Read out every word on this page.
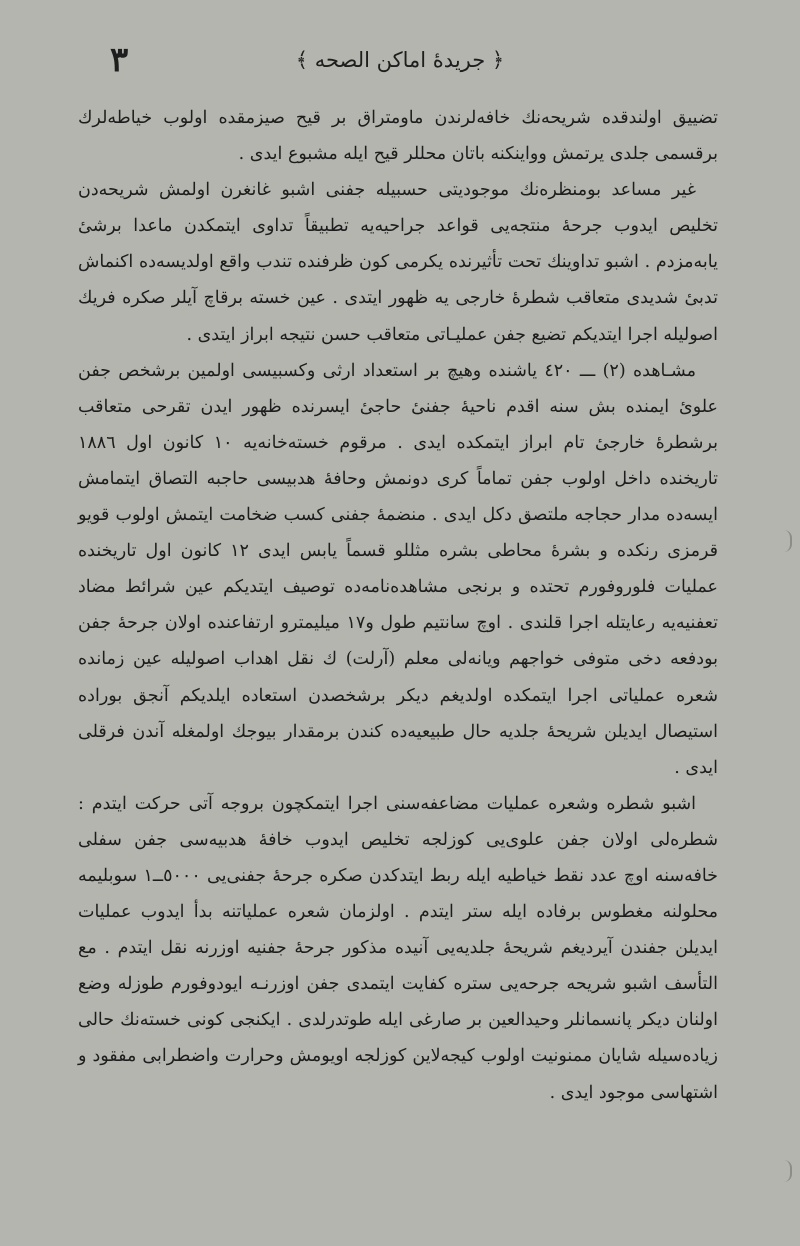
٣	﴿ جريدهٔ اماكن الصحه ﴾

تضييق اولندقده شريحه‌نك خافه‌لرندن ماومتراق بر قيح صيزمقده اولوب خياطه‌لرك برقسمی جلدی يرتمش وواينكنه باتان محللر قيح ايله مشبوع ايدی .

غير مساعد بومنظره‌نك موجوديتی حسبيله جفنی اشبو غانغرن اولمش شريحه‌دن تخليص ايدوب جرحهٔ منتجه‌يی قواعد جراحيه‌يه تطبيقاً تداوی ايتمكدن ماعدا برشیٔ يابه‌مزدم . اشبو تداوينك تحت تأثيرنده يكرمی كون ظرفنده تندب واقع اولديسه‌ده اكنماش تدبیٔ شديدی متعاقب شطرهٔ خارجی يه ظهور ايتدی . عين خسته برقاچ آيلر صكره فريك اصوليله اجرا ايتديكم تضيع جفن عمليـاتی متعاقب حسن نتيجه ابراز ايتدی .

مشـاهده (٢) ـــ ٤٢٠ ياشنده وهيچ بر استعداد ارثی وكسبيسی اولمين برشخص جفن علویٔ ايمنده‌ بش سنه اقدم ناحيهٔ جفنیٔ حاجیٔ ايسرنده ظهور ايدن تقرحی متعاقب برشطرهٔ خارجیٔ تام ابراز ايتمكده ايدی . مرقوم خسته‌خانه‌يه ١٠ كانون اول ١٨٨٦ تاريخنده داخل اولوب جفن تماماً كری دونمش وحافهٔ هدبيسی حاجبه التصاق ايتمامش ايسه‌ده مدار حجاجه ملتصق دكل ايدی . منضمهٔ جفنی كسب ضخامت ايتمش اولوب قويو قرمزی رنكده و بشرهٔ محاطی بشره مثللو قسماً يابس ايدی ١٢ كانون اول تاريخنده عمليات فلوروفورم تحتده و برنجی مشاهده‌نامه‌ده توصيف ايتديكم عين شرائط مضاد تعفنيه‌يه رعايتله اجرا قلندی . اوچ سانتيم طول و١٧ ميليمترو ارتفاعنده اولان جرحهٔ جفن بودفعه دخی متوفی خواجهم ويانه‌لی معلم (آرلت) ك نقل اهداب اصوليله عين زمانده شعره عملياتی اجرا ايتمكده اولديغم ديكر برشخصدن استعاده ايلديكم آنجق بوراده استيصال ايديلن شريحهٔ جلديه حال طبيعيه‌ده كندن برمقدار بيوجك اولمغله آندن فرقلی ايدی .

اشبو شطره وشعره عمليات مضاعفه‌سنی اجرا ايتمكچون بروجه آتی حركت ايتدم : شطره‌لی اولان جفن علوی‌يی كوزلجه تخليص ايدوب خافهٔ هدبيه‌سی جفن سفلی خافه‌سنه اوچ عدد نقط خياطيه ايله ربط ايتدكدن صكره جرحهٔ جفنی‌يی ٥٠٠٠ــ١ سوبليمه محلولنه مغطوس برفاده ايله ستر ايتدم . اولزمان شعره عملياتنه بدأ ايدوب عمليات ايديلن جفندن آيرديغم شريحهٔ جلديه‌يی آنيده مذكور جرحهٔ جفنيه اوزرنه نقل ايتدم . مع التأسف اشبو شريحه جرحه‌يی ستره كفايت ايتمدی جفن اوزرنـه ايودوفورم طوزله وضع اولنان ديكر پانسمانلر وحيدالعين بر صارغی ايله طوتدرلدی . ايكنجی كونی خسته‌نك حالی زياده‌سيله شايان ممنونيت اولوب كيجه‌لاين كوزلجه اويومش وحرارت واضطرابی مفقود و اشتهاسی موجود ايدی .
